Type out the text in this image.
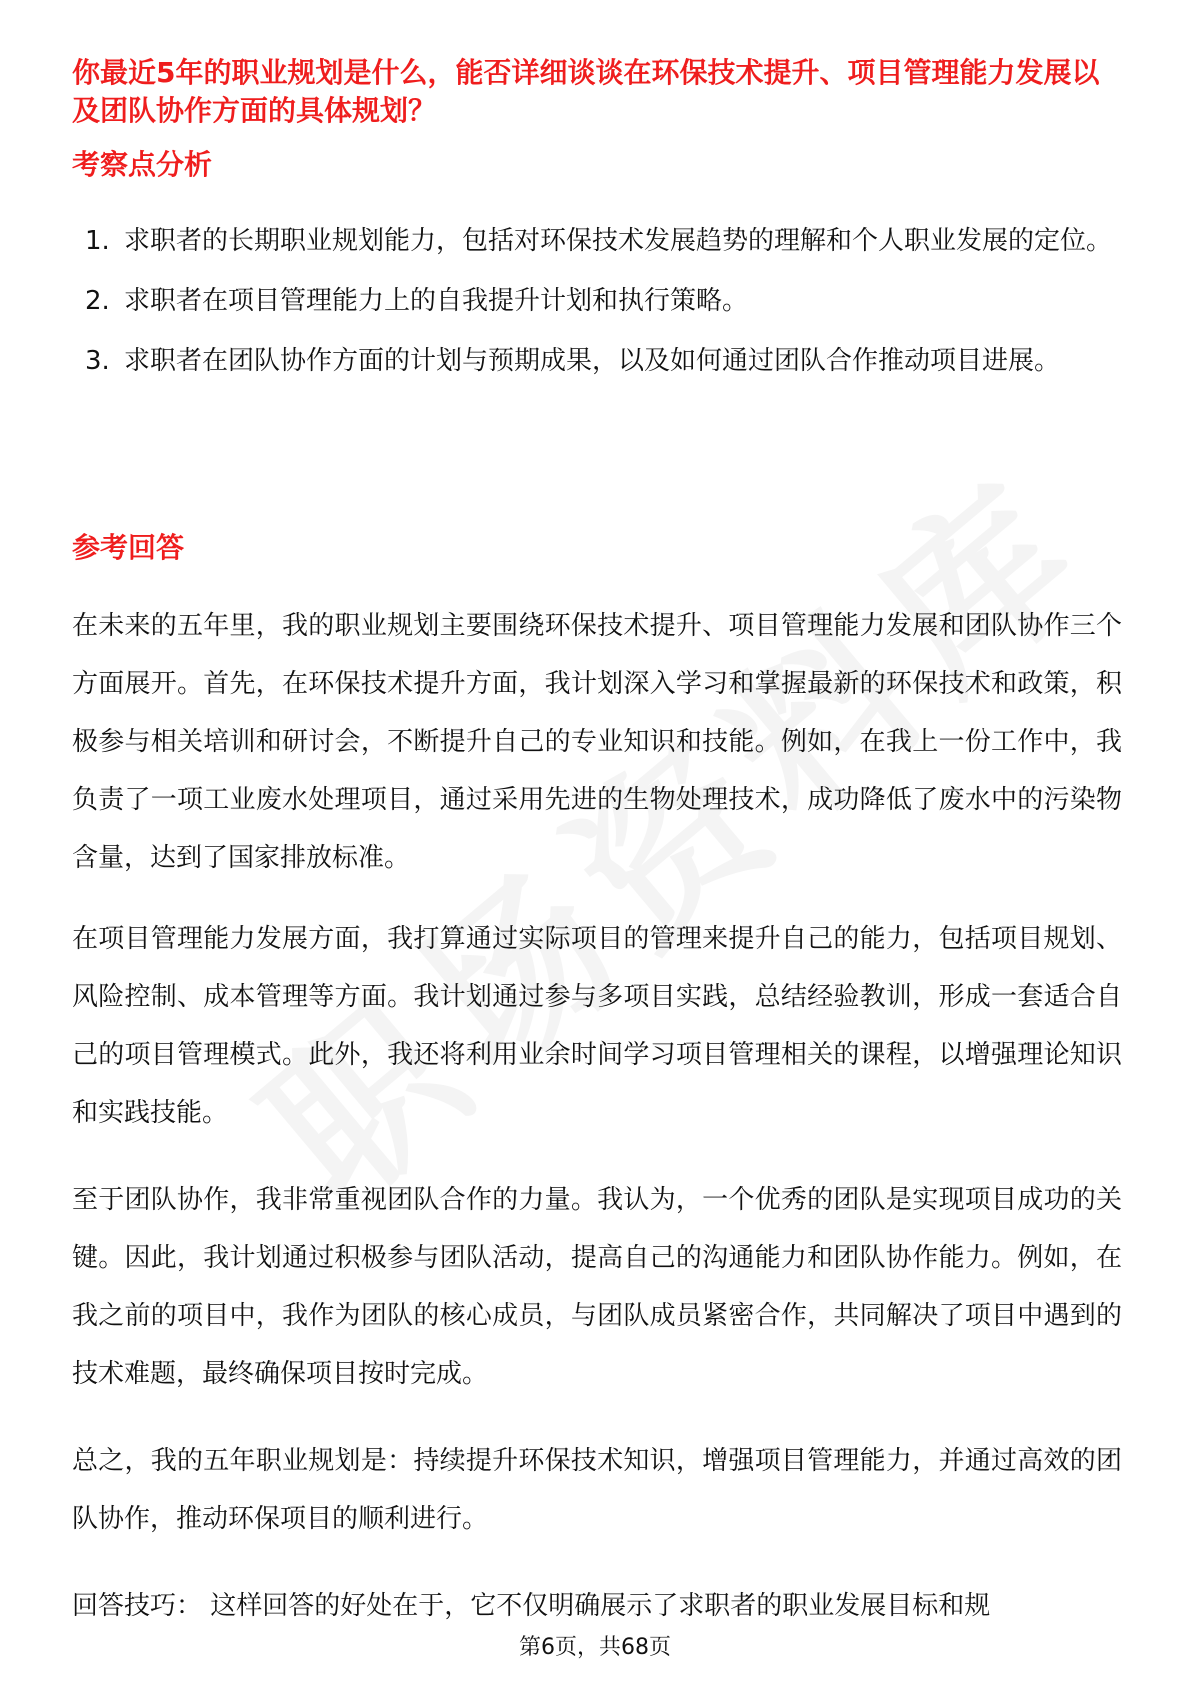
你最近5年的职业规划是什么，能否详细谈谈在环保技术提升、项目管理能力发展以及团队协作方面的具体规划？
考察点分析
1. 求职者的长期职业规划能力，包括对环保技术发展趋势的理解和个人职业发展的定位。
2. 求职者在项目管理能力上的自我提升计划和执行策略。
3. 求职者在团队协作方面的计划与预期成果，以及如何通过团队合作推动项目进展。
参考回答

在未来的五年里，我的职业规划主要围绕环保技术提升、项目管理能力发展和团队协作三个方面展开。首先，在环保技术提升方面，我计划深入学习和掌握最新的环保技术和政策，积极参与相关培训和研讨会，不断提升自己的专业知识和技能。例如，在我上一份工作中，我负责了一项工业废水处理项目，通过采用先进的生物处理技术，成功降低了废水中的污染物含量，达到了国家排放标准。

在项目管理能力发展方面，我打算通过实际项目的管理来提升自己的能力，包括项目规划、风险控制、成本管理等方面。我计划通过参与多项目实践，总结经验教训，形成一套适合自己的项目管理模式。此外，我还将利用业余时间学习项目管理相关的课程，以增强理论知识和实践技能。

至于团队协作，我非常重视团队合作的力量。我认为，一个优秀的团队是实现项目成功的关键。因此，我计划通过积极参与团队活动，提高自己的沟通能力和团队协作能力。例如，在我之前的项目中，我作为团队的核心成员，与团队成员紧密合作，共同解决了项目中遇到的技术难题，最终确保项目按时完成。

总之，我的五年职业规划是：持续提升环保技术知识，增强项目管理能力，并通过高效的团队协作，推动环保项目的顺利进行。

回答技巧： 这样回答的好处在于，它不仅明确展示了求职者的职业发展目标和规

第6页，共68页
